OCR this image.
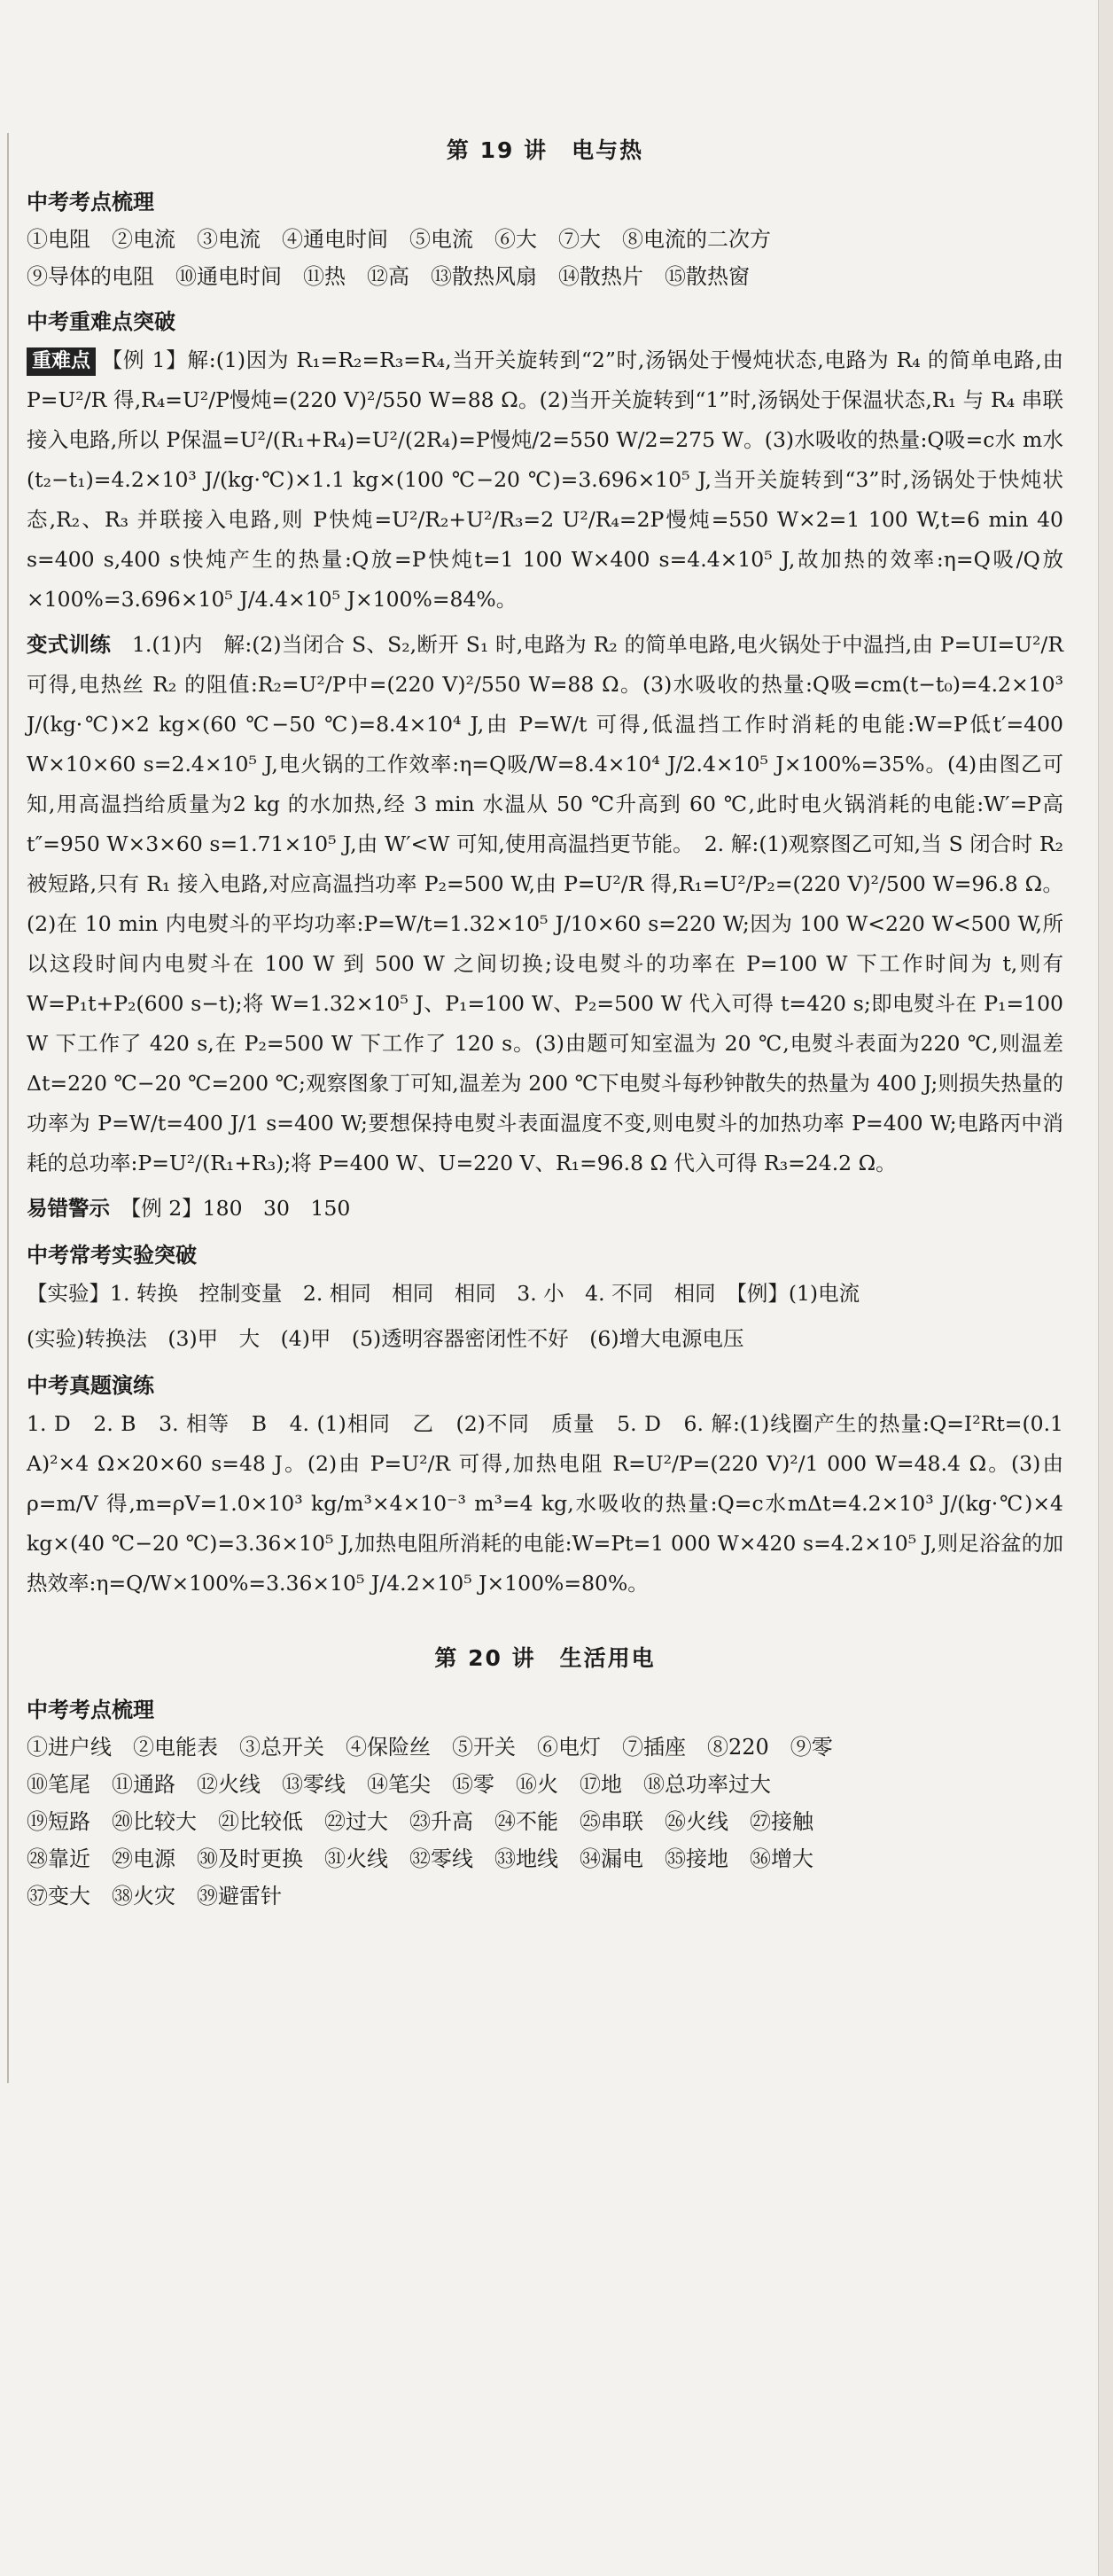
第 19 讲　电与热
中考考点梳理

①电阻　②电流　③电流　④通电时间　⑤电流　⑥大　⑦大　⑧电流的二次方

⑨导体的电阻　⑩通电时间　⑪热　⑫高　⑬散热风扇　⑭散热片　⑮散热窗

中考重难点突破

重难点 【例 1】解:(1)因为 R₁=R₂=R₃=R₄,当开关旋转到“2”时,汤锅处于慢炖状态,电路为 R₄ 的简单电路,由 P=U²/R 得,R₄=U²/P慢炖=(220 V)²/550 W=88 Ω。(2)当开关旋转到“1”时,汤锅处于保温状态,R₁ 与 R₄ 串联接入电路,所以 P保温=U²/(R₁+R₄)=U²/(2R₄)=P慢炖/2=550 W/2=275 W。(3)水吸收的热量:Q吸=c水 m水 (t₂−t₁)=4.2×10³ J/(kg·℃)×1.1 kg×(100 ℃−20 ℃)=3.696×10⁵ J,当开关旋转到“3”时,汤锅处于快炖状态,R₂、R₃ 并联接入电路,则 P快炖=U²/R₂+U²/R₃=2 U²/R₄=2P慢炖=550 W×2=1 100 W,t=6 min 40 s=400 s,400 s快炖产生的热量:Q放=P快炖t=1 100 W×400 s=4.4×10⁵ J,故加热的效率:η=Q吸/Q放×100%=3.696×10⁵ J/4.4×10⁵ J×100%=84%。

变式训练　 1.(1)内　解:(2)当闭合 S、S₂,断开 S₁ 时,电路为 R₂ 的简单电路,电火锅处于中温挡,由 P=UI=U²/R 可得,电热丝 R₂ 的阻值:R₂=U²/P中=(220 V)²/550 W=88 Ω。(3)水吸收的热量:Q吸=cm(t−t₀)=4.2×10³ J/(kg·℃)×2 kg×(60 ℃−50 ℃)=8.4×10⁴ J,由 P=W/t 可得,低温挡工作时消耗的电能:W=P低t′=400 W×10×60 s=2.4×10⁵ J,电火锅的工作效率:η=Q吸/W=8.4×10⁴ J/2.4×10⁵ J×100%=35%。(4)由图乙可知,用高温挡给质量为2 kg 的水加热,经 3 min 水温从 50 ℃升高到 60 ℃,此时电火锅消耗的电能:W′=P高t″=950 W×3×60 s=1.71×10⁵ J,由 W′<W 可知,使用高温挡更节能。　 2. 解:(1)观察图乙可知,当 S 闭合时 R₂ 被短路,只有 R₁ 接入电路,对应高温挡功率 P₂=500 W,由 P=U²/R 得,R₁=U²/P₂=(220 V)²/500 W=96.8 Ω。(2)在 10 min 内电熨斗的平均功率:P=W/t=1.32×10⁵ J/10×60 s=220 W;因为 100 W<220 W<500 W,所以这段时间内电熨斗在 100 W 到 500 W 之间切换;设电熨斗的功率在 P=100 W 下工作时间为 t,则有 W=P₁t+P₂(600 s−t);将 W=1.32×10⁵ J、P₁=100 W、P₂=500 W 代入可得 t=420 s;即电熨斗在 P₁=100 W 下工作了 420 s,在 P₂=500 W 下工作了 120 s。(3)由题可知室温为 20 ℃,电熨斗表面为220 ℃,则温差 Δt=220 ℃−20 ℃=200 ℃;观察图象丁可知,温差为 200 ℃下电熨斗每秒钟散失的热量为 400 J;则损失热量的功率为 P=W/t=400 J/1 s=400 W;要想保持电熨斗表面温度不变,则电熨斗的加热功率 P=400 W;电路丙中消耗的总功率:P=U²/(R₁+R₃);将 P=400 W、U=220 V、R₁=96.8 Ω 代入可得 R₃=24.2 Ω。

易错警示　 【例 2】180　30　150

中考常考实验突破

【实验】1. 转换　控制变量　2. 相同　相同　相同　3. 小　4. 不同　相同　【例】(1)电流

(实验)转换法　(3)甲　大　(4)甲　(5)透明容器密闭性不好　(6)增大电源电压

中考真题演练

1. D　2. B　3. 相等　B　4. (1)相同　乙　(2)不同　质量　5. D　6. 解:(1)线圈产生的热量:Q=I²Rt=(0.1 A)²×4 Ω×20×60 s=48 J。(2)由 P=U²/R 可得,加热电阻 R=U²/P=(220 V)²/1 000 W=48.4 Ω。(3)由 ρ=m/V 得,m=ρV=1.0×10³ kg/m³×4×10⁻³ m³=4 kg,水吸收的热量:Q=c水mΔt=4.2×10³ J/(kg·℃)×4 kg×(40 ℃−20 ℃)=3.36×10⁵ J,加热电阻所消耗的电能:W=Pt=1 000 W×420 s=4.2×10⁵ J,则足浴盆的加热效率:η=Q/W×100%=3.36×10⁵ J/4.2×10⁵ J×100%=80%。

第 20 讲　生活用电
中考考点梳理

①进户线　②电能表　③总开关　④保险丝　⑤开关　⑥电灯　⑦插座　⑧220　⑨零

⑩笔尾　⑪通路　⑫火线　⑬零线　⑭笔尖　⑮零　⑯火　⑰地　⑱总功率过大

⑲短路　⑳比较大　㉑比较低　㉒过大　㉓升高　㉔不能　㉕串联　㉖火线　㉗接触

㉘靠近　㉙电源　㉚及时更换　㉛火线　㉜零线　㉝地线　㉞漏电　㉟接地　㊱增大

㊲变大　㊳火灾　㊴避雷针
